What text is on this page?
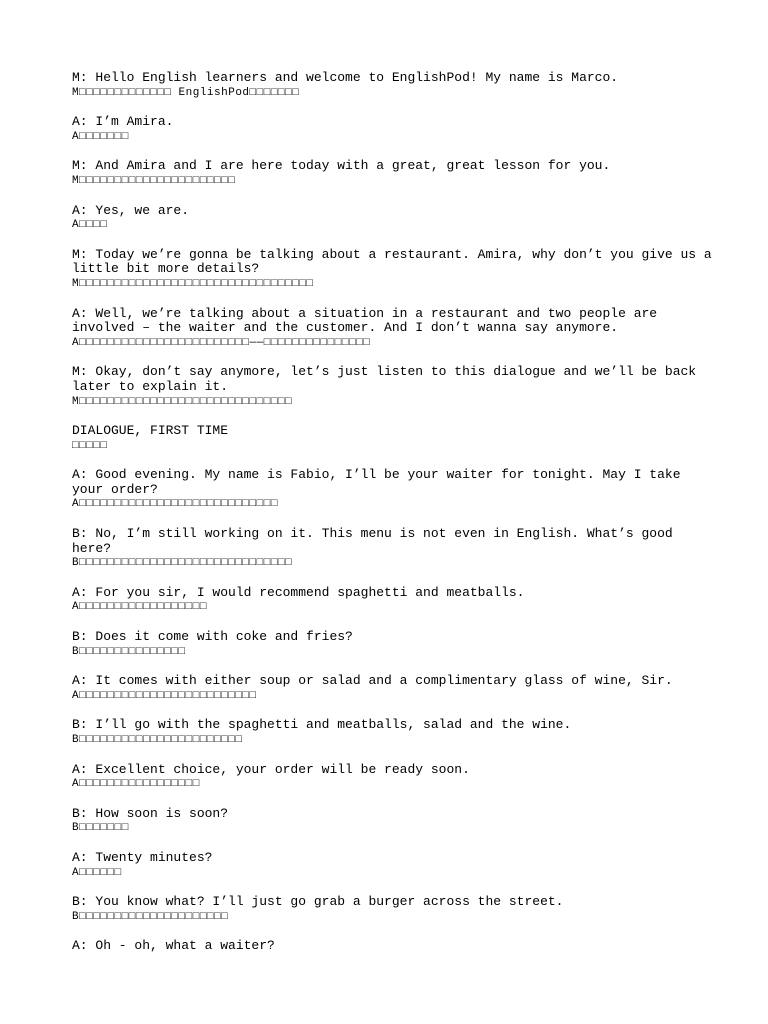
M: Hello English learners and welcome to EnglishPod! My name is Marco.

M□□□□□□□□□□□□□ EnglishPod□□□□□□□

A: I’m Amira.

A□□□□□□□

M: And Amira and I are here today with a great, great lesson for you.

M□□□□□□□□□□□□□□□□□□□□□□

A: Yes, we are.

A□□□□

M: Today we’re gonna be talking about a restaurant. Amira, why don’t you give us a little bit more details?

M□□□□□□□□□□□□□□□□□□□□□□□□□□□□□□□□□

A: Well, we’re talking about a situation in a restaurant and two people are involved – the waiter and the customer. And I don’t wanna say anymore.

A□□□□□□□□□□□□□□□□□□□□□□□□——□□□□□□□□□□□□□□□

M: Okay, don’t say anymore, let’s just listen to this dialogue and we’ll be back later to explain it.

M□□□□□□□□□□□□□□□□□□□□□□□□□□□□□□

DIALOGUE, FIRST TIME

□□□□□

A: Good evening. My name is Fabio, I’ll be your waiter for tonight. May I take your order?

A□□□□□□□□□□□□□□□□□□□□□□□□□□□□

B: No, I’m still working on it. This menu is not even in English. What’s good here?

B□□□□□□□□□□□□□□□□□□□□□□□□□□□□□□

A: For you sir, I would recommend spaghetti and meatballs.

A□□□□□□□□□□□□□□□□□□

B: Does it come with coke and fries?

B□□□□□□□□□□□□□□□

A: It comes with either soup or salad and a complimentary glass of wine, Sir.

A□□□□□□□□□□□□□□□□□□□□□□□□□

B: I’ll go with the spaghetti and meatballs, salad and the wine.

B□□□□□□□□□□□□□□□□□□□□□□□

A: Excellent choice, your order will be ready soon.

A□□□□□□□□□□□□□□□□□

B: How soon is soon?

B□□□□□□□

A: Twenty minutes?

A□□□□□□

B: You know what? I’ll just go grab a burger across the street.

B□□□□□□□□□□□□□□□□□□□□□

A: Oh - oh, what a waiter?
